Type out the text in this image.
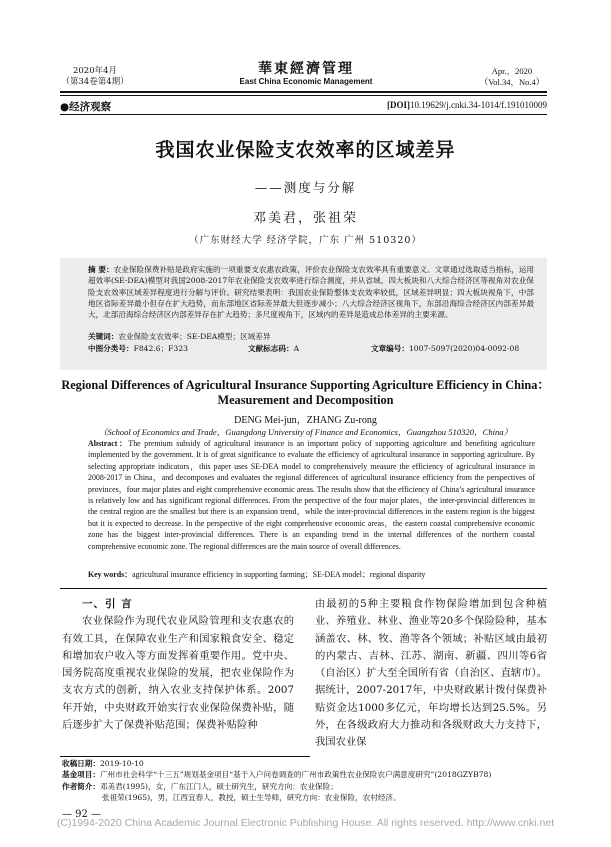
2020年4月
（第34卷第4期）
華東經濟管理
East China Economic Management
Apr.，2020
（Vol.34，No.4）
●经济观察	[DOI]10.19629/j.cnki.34-1014/f.191010009
我国农业保险支农效率的区域差异
——测度与分解
邓美君，张祖荣
（广东财经大学 经济学院，广东 广州 510320）
摘 要：农业保险保费补贴是政府实施的一项重要支农惠农政策，评价农业保险支农效率具有重要意义。文章通过选取适当指标，运用超效率(SE-DEA)模型对我国2008-2017年农业保险支农效率进行综合测度，并从省域、四大板块和八大综合经济区等视角对农业保险支农效率区域差异程度进行分解与评价。研究结果表明：我国农业保险整体支农效率较低，区域差异明显；四大板块视角下，中部地区省际差异最小但存在扩大趋势，而东部地区省际差异最大但逐步减小；八大综合经济区视角下，东部沿海综合经济区内部差异最大，北部沿海综合经济区内部差异存在扩大趋势；多尺度视角下，区域内的差异是造成总体差异的主要来源。
关键词：农业保险支农效率；SE-DEA模型；区域差异
中图分类号：F842.6；F323	文献标志码：A	文章编号：1007-5097(2020)04-0092-08
Regional Differences of Agricultural Insurance Supporting Agriculture Efficiency in China：Measurement and Decomposition
DENG Mei-jun，ZHANG Zu-rong
（School of Economics and Trade，Guangdong University of Finance and Economics，Guangzhou 510320，China）
Abstract：The premium subsidy of agricultural insurance is an important policy of supporting agriculture and benefiting agriculture implemented by the government. It is of great significance to evaluate the efficiency of agricultural insurance in supporting agriculture. By selecting appropriate indicators，this paper uses SE-DEA model to comprehensively measure the efficiency of agricultural insurance in 2008-2017 in China，and decomposes and evaluates the regional differences of agricultural insurance efficiency from the perspectives of provinces，four major plates and eight comprehensive economic areas. The results show that the efficiency of China’s agricultural insurance is relatively low and has significant regional differences. From the perspective of the four major plates，the inter-provincial differences in the central region are the smallest but there is an expansion trend，while the inter-provincial differences in the eastern region is the biggest but it is expected to decrease. In the perspective of the eight comprehensive economic areas，the eastern coastal comprehensive economic zone has the biggest inter-provincial differences. There is an expanding trend in the internal differences of the northern coastal comprehensive economic zone. The regional differences are the main source of overall differences.
Key words：agricultural insurance efficiency in supporting farming；SE-DEA model；regional disparity
一、引 言

农业保险作为现代农业风险管理和支农惠农的有效工具，在保障农业生产和国家粮食安全、稳定和增加农户收入等方面发挥着重要作用。党中央、国务院高度重视农业保险的发展，把农业保险作为支农方式的创新，纳入农业支持保护体系。2007年开始，中央财政开始实行农业保险保费补贴，随后逐步扩大了保费补贴范围；保费补贴险种

由最初的5种主要粮食作物保险增加到包含种植业、养殖业、林业、渔业等20多个保险险种，基本涵盖农、林、牧、渔等各个领域；补贴区域由最初的内蒙古、吉林、江苏、湖南、新疆、四川等6省（自治区）扩大至全国所有省（自治区、直辖市）。据统计，2007-2017年，中央财政累计拨付保费补贴资金达1000多亿元，年均增长达到25.5%。另外，在各级政府大力推动和各级财政大力支持下，我国农业保

收稿日期：2019-10-10
基金项目：广州市社会科学“十三五”规划基金项目“基于入户问卷调查的广州市政策性农业保险农户满意度研究”(2018GZYB78)
作者简介：邓美君(1995)，女，广东江门人，硕士研究生，研究方向：农业保险；
张祖荣(1965)，男，江西宜春人，教授，硕士生导师，研究方向：农业保险，农村经济。
— 92 —
(C)1994-2020 China Academic Journal Electronic Publishing House. All rights reserved. http://www.cnki.net
